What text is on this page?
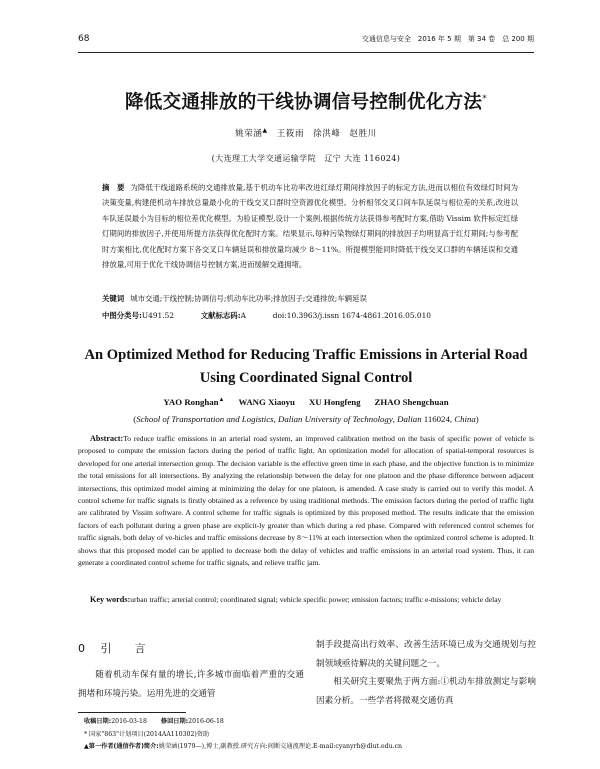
68	交通信息与安全　2016 年 5 期　第 34 卷　总 200 期
降低交通排放的干线协调信号控制优化方法*
姚荣涵▲　王筱雨　徐洪峰　赵胜川
(大连理工大学交通运输学院　辽宁 大连 116024)
摘　要 为降低干线道路系统的交通排放量,基于机动车比功率改进红绿灯期间排放因子的标定方法,进而以相位有效绿灯时间为决策变量,构建使机动车排放总量最小化的干线交叉口群时空资源优化模型。分析相邻交叉口间车队延误与相位差的关系,改进以车队延误最小为目标的相位差优化模型。为验证模型,设计一个案例,根据传统方法获得参考配时方案,借助 Vissim 软件标定红绿灯期间的排放因子,并使用所提方法获得优化配时方案。结果显示,每种污染物绿灯期间的排放因子均明显高于红灯期间;与参考配时方案相比,优化配时方案下各交叉口车辆延误和排放量均减少 8～11%。所提模型能同时降低干线交叉口群的车辆延误和交通排放量,可用于优化干线协调信号控制方案,进而缓解交通拥堵。
关键词 城市交通;干线控制;协调信号;机动车比功率;排放因子;交通排放;车辆延误
中图分类号:U491.52	文献标志码:A	doi:10.3963/j.issn 1674-4861.2016.05.010
An Optimized Method for Reducing Traffic Emissions in Arterial Road Using Coordinated Signal Control
YAO Ronghan▲ WANG Xiaoyu XU Hongfeng ZHAO Shengchuan
(School of Transportation and Logistics, Dalian University of Technology, Dalian 116024, China)
Abstract:To reduce traffic emissions in an arterial road system, an improved calibration method on the basis of specific power of vehicle is proposed to compute the emission factors during the period of traffic light. An optimization model for allocation of spatial-temporal resources is developed for one arterial intersection group. The decision variable is the effective green time in each phase, and the objective function is to minimize the total emissions for all intersections. By analyzing the relationship between the delay for one platoon and the phase difference between adjacent intersections, this optimized model aiming at minimizing the delay for one platoon, is amended. A case study is carried out to verify this model. A control scheme for traffic signals is firstly obtained as a reference by using traditional methods. The emission factors during the period of traffic light are calibrated by Vissim software. A control scheme for traffic signals is optimized by this proposed method. The results indicate that the emission factors of each pollutant during a green phase are explicit-ly greater than which during a red phase. Compared with referenced control schemes for traffic signals, both delay of ve-hicles and traffic emissions decrease by 8～11% at each intersection when the optimized control scheme is adopted. It shows that this proposed model can be applied to decrease both the delay of vehicles and traffic emissions in an arterial road system. Thus, it can generate a coordinated control scheme for traffic signals, and relieve traffic jam.
Key words:urban traffic; arterial control; coordinated signal; vehicle specific power; emission factors; traffic e-missions; vehicle delay
0 引　言

随着机动车保有量的增长,许多城市面临着严重的交通拥堵和环境污染。运用先进的交通管

制手段提高出行效率、改善生活环境已成为交通规划与控制领域亟待解决的关键问题之一。

相关研究主要聚焦于两方面:①机动车排放测定与影响因素分析。一些学者将微观交通仿真

收稿日期:2016-03-18 修回日期:2016-06-18
* 国家"863"计划项目(2014AA110302)资助
▲第一作者(通信作者)简介:姚荣涵(1979—),博士,副教授.研究方向:间断交通流理论.E-mail:cyanyrh@dlut.edu.cn
